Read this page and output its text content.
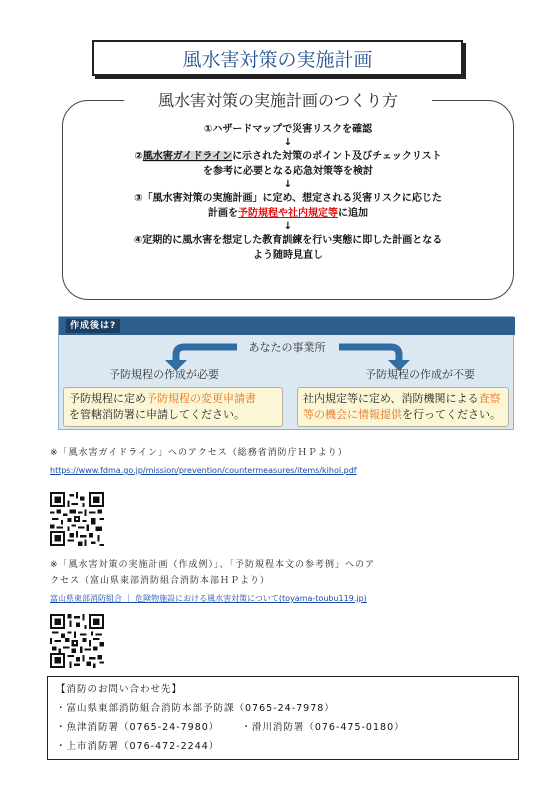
風水害対策の実施計画
風水害対策の実施計画のつくり方
①ハザードマップで災害リスクを確認
↓
②風水害ガイドラインに示された対策のポイント及びチェックリスト
を参考に必要となる応急対策等を検討
↓
③「風水害対策の実施計画」に定め、想定される災害リスクに応じた
計画を予防規程や社内規定等に追加
↓
④定期的に風水害を想定した教育訓練を行い実態に即した計画となる
よう随時見直し
作成後は?
あなたの事業所
予防規程の作成が必要	予防規程の作成が不要
予防規程に定め予防規程の変更申請書
を管轄消防署に申請してください。
社内規定等に定め、消防機関による査察
等の機会に情報提供を行ってください。
※「風水害ガイドライン」へのアクセス（総務省消防庁ＨＰより）
https://www.fdma.go.jp/mission/prevention/countermeasures/items/kihol.pdf
※「風水害対策の実施計画（作成例）」、「予防規程本文の参考例」へのア
クセス（富山県東部消防組合消防本部ＨＰより）
富山県東部消防組合 ｜ 危険物施設における風水害対策について(toyama-toubu119.jp)
【消防のお問い合わせ先】
・富山県東部消防組合消防本部予防課（0765-24-7978）
・魚津消防署（0765-24-7980） ・滑川消防署（076-475-0180）
・上市消防署（076-472-2244）
